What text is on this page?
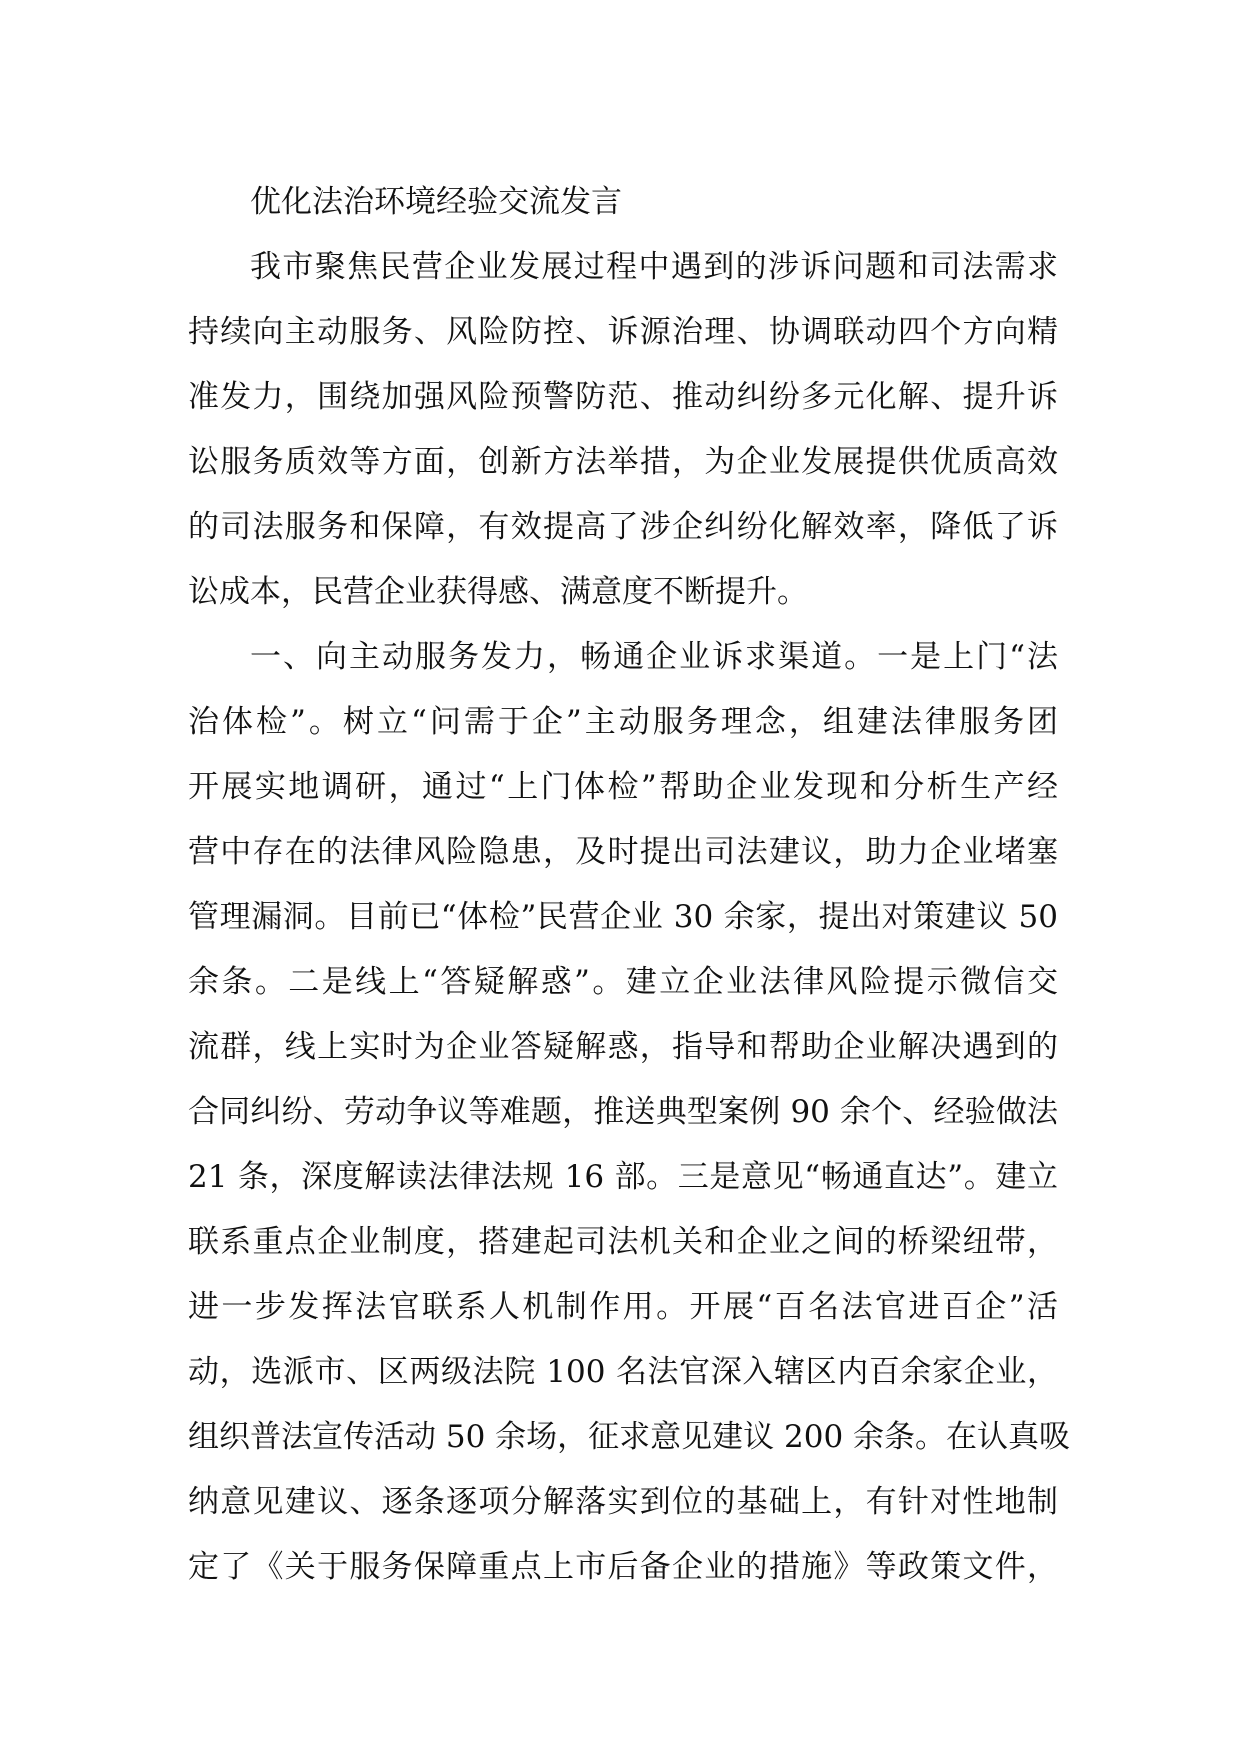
优化法治环境经验交流发言
我市聚焦民营企业发展过程中遇到的涉诉问题和司法需求
持续向主动服务、风险防控、诉源治理、协调联动四个方向精
准发力，围绕加强风险预警防范、推动纠纷多元化解、提升诉
讼服务质效等方面，创新方法举措，为企业发展提供优质高效
的司法服务和保障，有效提高了涉企纠纷化解效率，降低了诉
讼成本，民营企业获得感、满意度不断提升。
一、向主动服务发力，畅通企业诉求渠道。一是上门“法
治体检”。树立“问需于企”主动服务理念，组建法律服务团
开展实地调研，通过“上门体检”帮助企业发现和分析生产经
营中存在的法律风险隐患，及时提出司法建议，助力企业堵塞
管理漏洞。目前已“体检”民营企业 30 余家，提出对策建议 50
余条。二是线上“答疑解惑”。建立企业法律风险提示微信交
流群，线上实时为企业答疑解惑，指导和帮助企业解决遇到的
合同纠纷、劳动争议等难题，推送典型案例 90 余个、经验做法
21 条，深度解读法律法规 16 部。三是意见“畅通直达”。建立
联系重点企业制度，搭建起司法机关和企业之间的桥梁纽带，
进一步发挥法官联系人机制作用。开展“百名法官进百企”活
动，选派市、区两级法院 100 名法官深入辖区内百余家企业，
组织普法宣传活动 50 余场，征求意见建议 200 余条。在认真吸
纳意见建议、逐条逐项分解落实到位的基础上，有针对性地制
定了《关于服务保障重点上市后备企业的措施》等政策文件，
